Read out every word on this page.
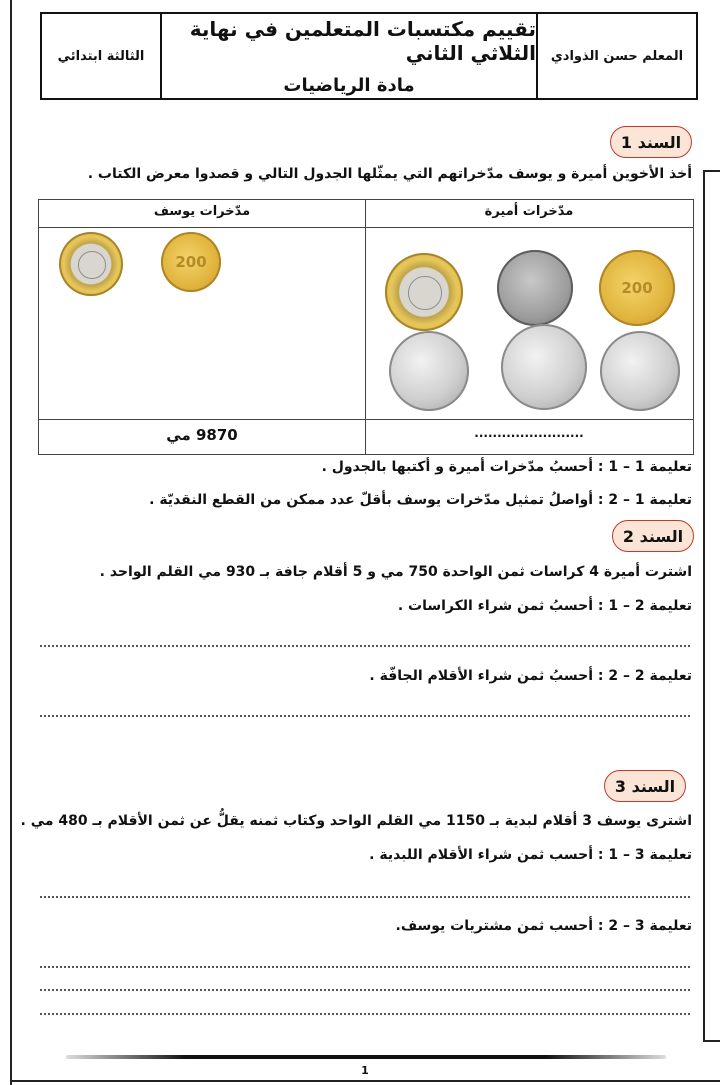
المعلم حسن الذوادي
تقييم مكتسبات المتعلمين في نهاية الثلاثي الثاني
مادة الرياضيات
الثالثة ابتدائي
السند 1
أخذ الأخوين أميرة و يوسف مدّخراتهم التي يمثّلها الجدول التالي و قصدوا معرض الكتاب .
مدّخرات أميرة
مدّخرات يوسف
200
200
........................
9870 مي
تعليمة 1 – 1 : أحسبُ مدّخرات أميرة و أكتبها بالجدول .
تعليمة 1 – 2 : أواصلُ تمثيل مدّخرات يوسف بأقلّ عدد ممكن من القطع النقديّة .
السند 2
اشترت أميرة 4 كراسات ثمن الواحدة 750 مي و 5 أقلام جافة بـ 930 مي القلم الواحد .
تعليمة 2 – 1 : أحسبُ ثمن شراء الكراسات .
تعليمة 2 – 2 : أحسبُ ثمن شراء الأقلام الجافّة .
السند 3
اشترى يوسف 3 أقلام لبدية بـ 1150 مي القلم الواحد وكتاب ثمنه يقلُّ عن ثمن الأقلام بـ 480 مي .
تعليمة 3 – 1 : أحسب ثمن شراء الأقلام اللبدية .
تعليمة 3 – 2 : أحسب ثمن مشتريات يوسف.
1
